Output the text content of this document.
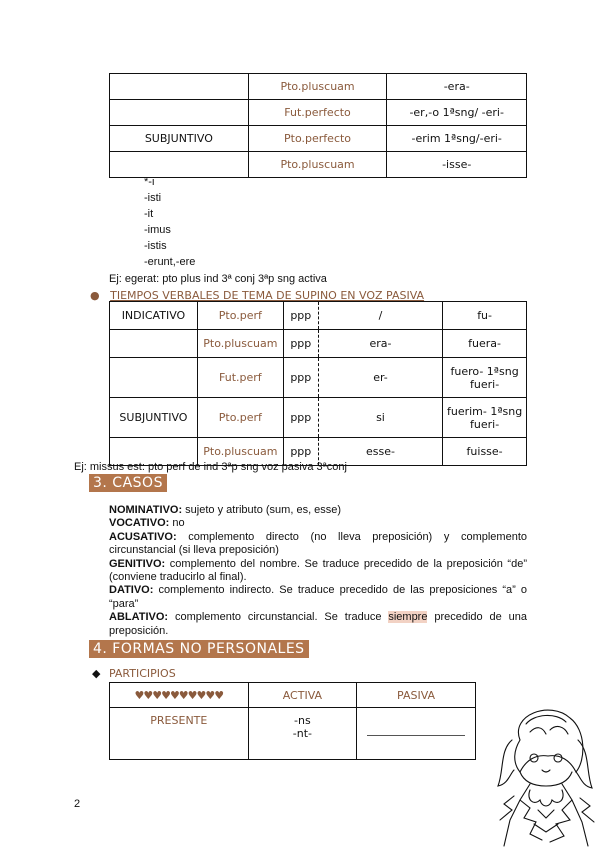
	Pto.pluscuam	-era-
	Fut.perfecto	-er,-o 1ªsng/ -eri-
SUBJUNTIVO	Pto.perfecto	-erim 1ªsng/-eri-
	Pto.pluscuam	-isse-
*-i
-isti
-it
-imus
-istis
-erunt,-ere
Ej: egerat: pto plus ind 3ª conj 3ªp sng activa
● TIEMPOS VERBALES DE TEMA DE SUPINO EN VOZ PASIVA
INDICATIVO	Pto.perf	ppp	/	fu-

	Pto.pluscuam	ppp	era-	fuera-

	Fut.perf	ppp	er-	fuero- 1ªsng
fueri-

SUBJUNTIVO	Pto.perf	ppp	si	fuerim- 1ªsng
fueri-

	Pto.pluscuam	ppp	esse-	fuisse-
Ej: missus est: pto perf de ind 3ªp sng voz pasiva 3ªconj
3. CASOS
NOMINATIVO: sujeto y atributo (sum, es, esse)
VOCATIVO: no
ACUSATIVO: complemento directo (no lleva preposición) y complemento circunstancial (si lleva preposición)
GENITIVO: complemento del nombre. Se traduce precedido de la preposición “de” (conviene traducirlo al final).
DATIVO: complemento indirecto. Se traduce precedido de las preposiciones “a” o “para”
ABLATIVO: complemento circunstancial. Se traduce siempre precedido de una preposición.
4. FORMAS NO PERSONALES
◆ PARTICIPIOS
♥♥♥♥♥♥♥♥♥♥	ACTIVA	PASIVA
PRESENTE	-ns
-nt-	

2
